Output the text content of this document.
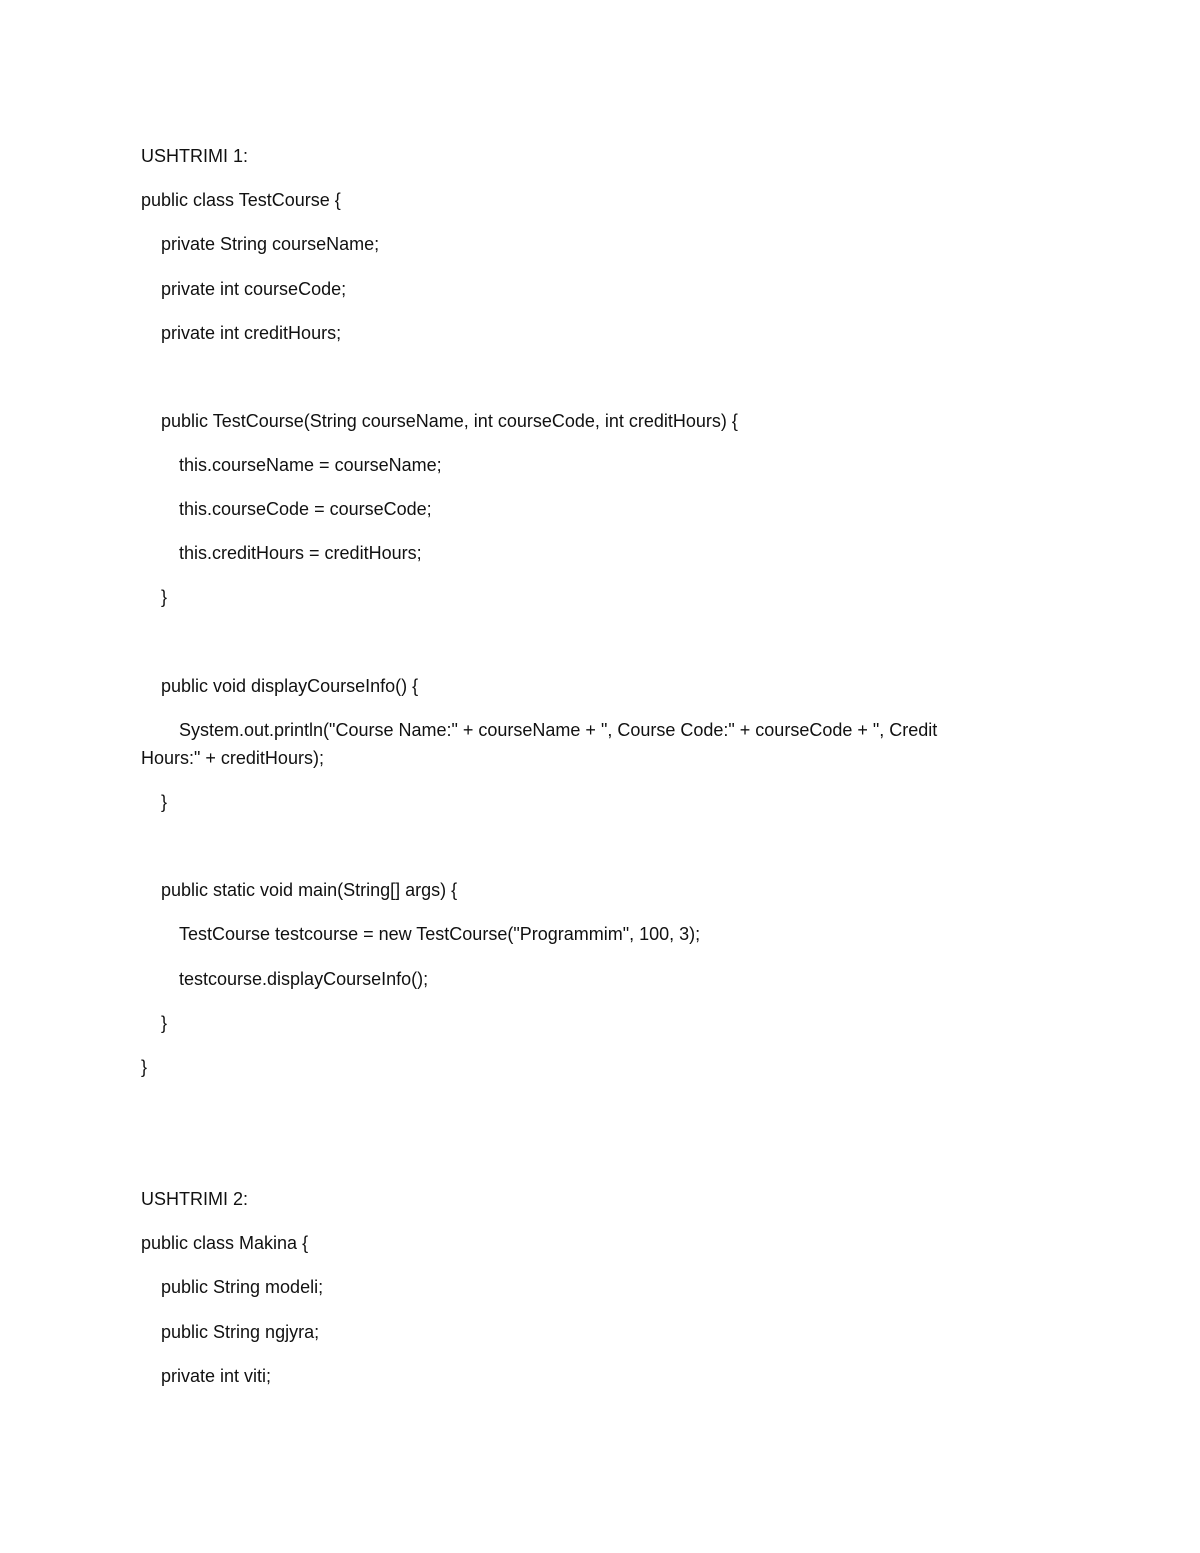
USHTRIMI 1:

public class TestCourse {

private String courseName;

private int courseCode;

private int creditHours;

public TestCourse(String courseName, int courseCode, int creditHours) {

this.courseName = courseName;

this.courseCode = courseCode;

this.creditHours = creditHours;

}

public void displayCourseInfo() {

System.out.println("Course Name:" + courseName + ", Course Code:" + courseCode + ", Credit

Hours:" + creditHours);

}

public static void main(String[] args) {

TestCourse testcourse = new TestCourse("Programmim", 100, 3);

testcourse.displayCourseInfo();

}

}

USHTRIMI 2:

public class Makina {

public String modeli;

public String ngjyra;

private int viti;
